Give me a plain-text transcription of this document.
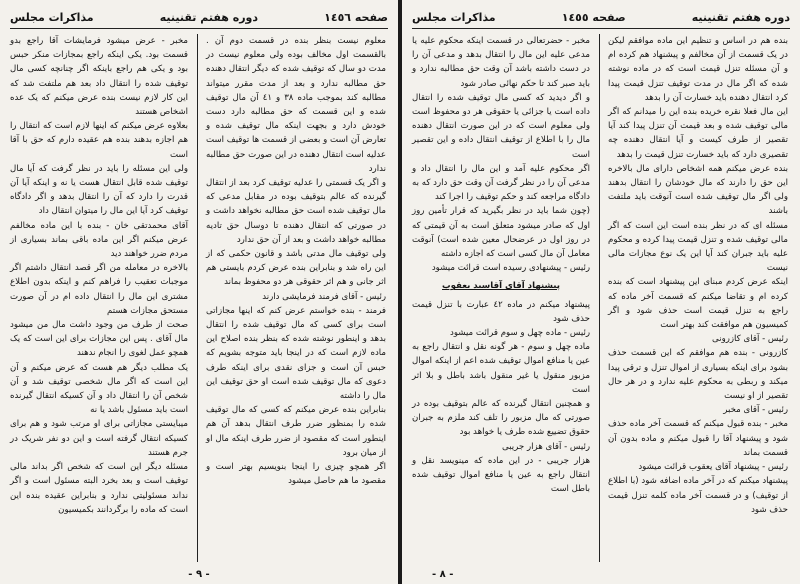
صفحه ١٤٥٦
دوره هفتم تقنینیه
مذاکرات مجلس

معلوم نیست بنظر بنده در قسمت دوم آن . بالقسمت اول مخالف بوده ولی معلوم نیست در مدت دو سال که توقیف شده که دیگر انتقال دهنده حق مطالبه ندارد و بعد از مدت مقرر میتواند مطالبه کند بموجب ماده ٣٨ و ٤١ آن مال توقیف شده و این قسمت که حق مطالبه دارد دست خودش دارد و بجهت اینکه مال توقیف شده و تعارض آن است و بعضی از قسمت ها توقیف است عدلیه است انتقال دهنده در این صورت حق مطالبه ندارد

و اگر یک قسمتی را عدلیه توقیف کرد بعد از انتقال گیرنده که عالم بتوقیف بوده در مقابل مدعی که مال توقیف شده است حق مطالبه نخواهد داشت و در صورتی که انتقال دهنده تا دوسال حق تادیه مطالبه خواهد داشت و بعد از آن حق ندارد

ولی توقیف مال مدتی باشد و قانون حکمی که از این راه شد و بنابراین بنده عرض کردم بایستی هم اثر جانی و هم اثر حقوقی هر دو محفوظ بماند

رئیس - آقای فرمند فرمایشی دارند

فرمند - بنده خواستم عرض کنم که اینها مجازاتی است برای کسی که مال توقیف شده را انتقال بدهد و اینطور نوشته شده که بنظر بنده اصلاح این ماده لازم است که در اینجا باید متوجه بشویم که حبس آن است و جزای نقدی برای اینکه طرف دعوی که مال توقیف شده است او حق توقیف این مال را داشته

بنابراین بنده عرض میکنم که کسی که مال توقیف شده را بمنظور ضرر طرف انتقال بدهد آن هم اینطور است که مقصود از ضرر طرف اینکه مال او از میان برود

اگر همچو چیزی را اینجا بنویسیم بهتر است و مقصود ما هم حاصل میشود

مخبر - عرض میشود فرمایشات آقا راجع بدو قسمت بود. یکی اینکه راجع بمجازات منکر حبس بود و یکی هم راجع باینکه اگر چنانچه کسی مال توقیف شده را انتقال داد بعد هم ملتفت شد که این کار لازم نیست بنده عرض میکنم که یک عده اشخاص هستند

بعلاوه عرض میکنم که اینها لازم است که انتقال را هم اجازه بدهند بنده هم عقیده دارم که حق با آقا است

ولی این مسئله را باید در نظر گرفت که آیا مال توقیف شده قابل انتقال هست یا نه و اینکه آیا آن قدرت را دارد که آن را انتقال بدهد و اگر دادگاه توقیف کرد آیا این مال را میتوان انتقال داد

آقای محمدتقی خان - بنده با این ماده مخالفم عرض میکنم اگر این ماده باقی بماند بسیاری از مردم ضرر خواهند دید

بالاخره در معامله من اگر قصد انتقال داشتم اگر موجبات تعقیب را فراهم کنم و اینکه بدون اطلاع مشتری این مال را انتقال داده ام در آن صورت مستحق مجازات هستم

صحت از طرف من وجود داشت مال من میشود مال آقای . پس این مجازات برای این است که یک همچو عمل لغوی را انجام ندهند

یک مطلب دیگر هم هست که عرض میکنم و آن این است که اگر مال شخصی توقیف شد و آن شخص آن را انتقال داد و آن کسیکه انتقال گیرنده است باید مسئول باشد یا نه

میبایستی مجازاتی برای او مرتب شود و هم برای کسیکه انتقال گرفته است و این دو نفر شریک در جرم هستند

مسئله دیگر این است که شخص اگر بداند مالی توقیف است و بعد بخرد البته مسئول است و اگر نداند مسئولیتی ندارد و بنابراین عقیده بنده این است که ماده را برگردانند بکمیسیون

- ٩ -
دوره هفتم تقنینیه
صفحه ١٤٥٥
مذاکرات مجلس

بنده هم در اساس و تنظیم این ماده موافقم لیکن در یک قسمت از آن مخالفم و پیشنهاد هم کرده ام و آن مسئله تنزل قیمت است که در ماده نوشته شده که اگر مال در مدت توقیف تنزل قیمت پیدا کرد انتقال دهنده باید خسارت آن را بدهد

این مال فعلا نقره خریده بنده این را میدانم که اگر مالی توقیف شده و بعد قیمت آن تنزل پیدا کند آیا تقصیر از طرف کیست و آیا انتقال دهنده چه تقصیری دارد که باید خسارت تنزل قیمت را بدهد

بنده عرض میکنم همه اشخاص دارای مال بالاخره این حق را دارند که مال خودشان را انتقال بدهند ولی اگر مال توقیف شده است آنوقت باید ملتفت باشند

مسئله ای که در نظر بنده است این است که اگر مالی توقیف شده و تنزل قیمت پیدا کرده و محکوم علیه باید جبران کند آیا این یک نوع مجازات مالی نیست

اینکه عرض کردم مبنای این پیشنهاد است که بنده کرده ام و تقاضا میکنم که قسمت آخر ماده که راجع به تنزل قیمت است حذف شود و اگر کمیسیون هم موافقت کند بهتر است

رئیس - آقای کازرونی

کازرونی - بنده هم موافقم که این قسمت حذف بشود برای اینکه بسیاری از اموال تنزل و ترقی پیدا میکند و ربطی به محکوم علیه ندارد و در هر حال تقصیر از او نیست

رئیس - آقای مخبر

مخبر - بنده قبول میکنم که قسمت آخر ماده حذف شود و پیشنهاد آقا را قبول میکنم و ماده بدون آن قسمت بماند

رئیس - پیشنهاد آقای یعقوب قرائت میشود

پیشنهاد میکنم که در آخر ماده اضافه شود (با اطلاع از توقیف) و در قسمت آخر ماده کلمه تنزل قیمت حذف شود

مخبر - حضرتعالی در قسمت اینکه محکوم علیه یا مدعی علیه این مال را انتقال بدهد و مدعی آن را در دست داشته باشد آن وقت حق مطالبه ندارد و باید صبر کند تا حکم نهائی صادر شود

و اگر دیدید که کسی مال توقیف شده را انتقال داده است یا جزائی یا حقوقی هر دو محفوظ است ولی معلوم است که در این صورت انتقال دهنده مال را با اطلاع از توقیف انتقال داده و این تقصیر است

اگر محکوم علیه آمد و این مال را انتقال داد و مدعی آن را در نظر گرفت آن وقت حق دارد که به دادگاه مراجعه کند و حکم توقیف را اجرا کند

(چون شما باید در نظر بگیرید که قرار تأمین روز اول که صادر میشود متعلق است به آن قیمتی که در روز اول در عرضحال معین شده است) آنوقت معامل آن مال کسی است که اجازه داشته

رئیس - پیشنهادی رسیده است قرائت میشود

پیشنهاد آقای آقاسید یعقوب

پیشنهاد میکنم در ماده ٤٢ عبارت با تنزل قیمت حذف شود

رئیس - ماده چهل و سوم قرائت میشود

ماده چهل و سوم - هر گونه نقل و انتقال راجع به عین یا منافع اموال توقیف شده اعم از اینکه اموال مزبور منقول یا غیر منقول باشد باطل و بلا اثر است

و همچنین انتقال گیرنده که عالم بتوقیف بوده در صورتی که مال مزبور را تلف کند ملزم به جبران حقوق تضییع شده طرف یا خواهد بود

رئیس - آقای هزار جریبی

هزار جریبی - در این ماده که مینویسد نقل و انتقال راجع به عین یا منافع اموال توقیف شده باطل است

- ٨ -
